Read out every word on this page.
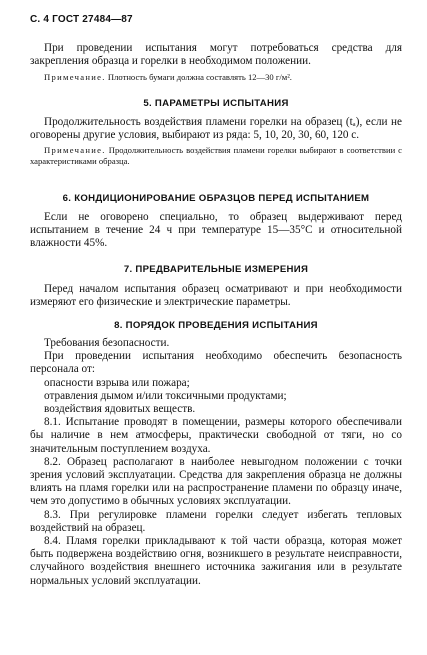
С. 4 ГОСТ 27484—87

При проведении испытания могут потребоваться средства для закрепления образца и горелки в необходимом положении.

Примечание. Плотность бумаги должна составлять 12—30 г/м².

5. ПАРАМЕТРЫ ИСПЫТАНИЯ

Продолжительность воздействия пламени горелки на образец (tₐ), если не оговорены другие условия, выбирают из ряда: 5, 10, 20, 30, 60, 120 с.

Примечание. Продолжительность воздействия пламени горелки выбирают в соответствии с характеристиками образца.

6. КОНДИЦИОНИРОВАНИЕ ОБРАЗЦОВ ПЕРЕД ИСПЫТАНИЕМ

Если не оговорено специально, то образец выдерживают перед испытанием в течение 24 ч при температуре 15—35°С и относительной влажности 45%.

7. ПРЕДВАРИТЕЛЬНЫЕ ИЗМЕРЕНИЯ

Перед началом испытания образец осматривают и при необходимости измеряют его физические и электрические параметры.

8. ПОРЯДОК ПРОВЕДЕНИЯ ИСПЫТАНИЯ

Требования безопасности.

При проведении испытания необходимо обеспечить безопасность персонала от:

опасности взрыва или пожара;

отравления дымом и/или токсичными продуктами;

воздействия ядовитых веществ.

8.1. Испытание проводят в помещении, размеры которого обеспечивали бы наличие в нем атмосферы, практически свободной от тяги, но со значительным поступлением воздуха.

8.2. Образец располагают в наиболее невыгодном положении с точки зрения условий эксплуатации. Средства для закрепления образца не должны влиять на пламя горелки или на распространение пламени по образцу иначе, чем это допустимо в обычных условиях эксплуатации.

8.3. При регулировке пламени горелки следует избегать тепловых воздействий на образец.

8.4. Пламя горелки прикладывают к той части образца, которая может быть подвержена воздействию огня, возникшего в результате неисправности, случайного воздействия внешнего источника зажигания или в результате нормальных условий эксплуатации.
